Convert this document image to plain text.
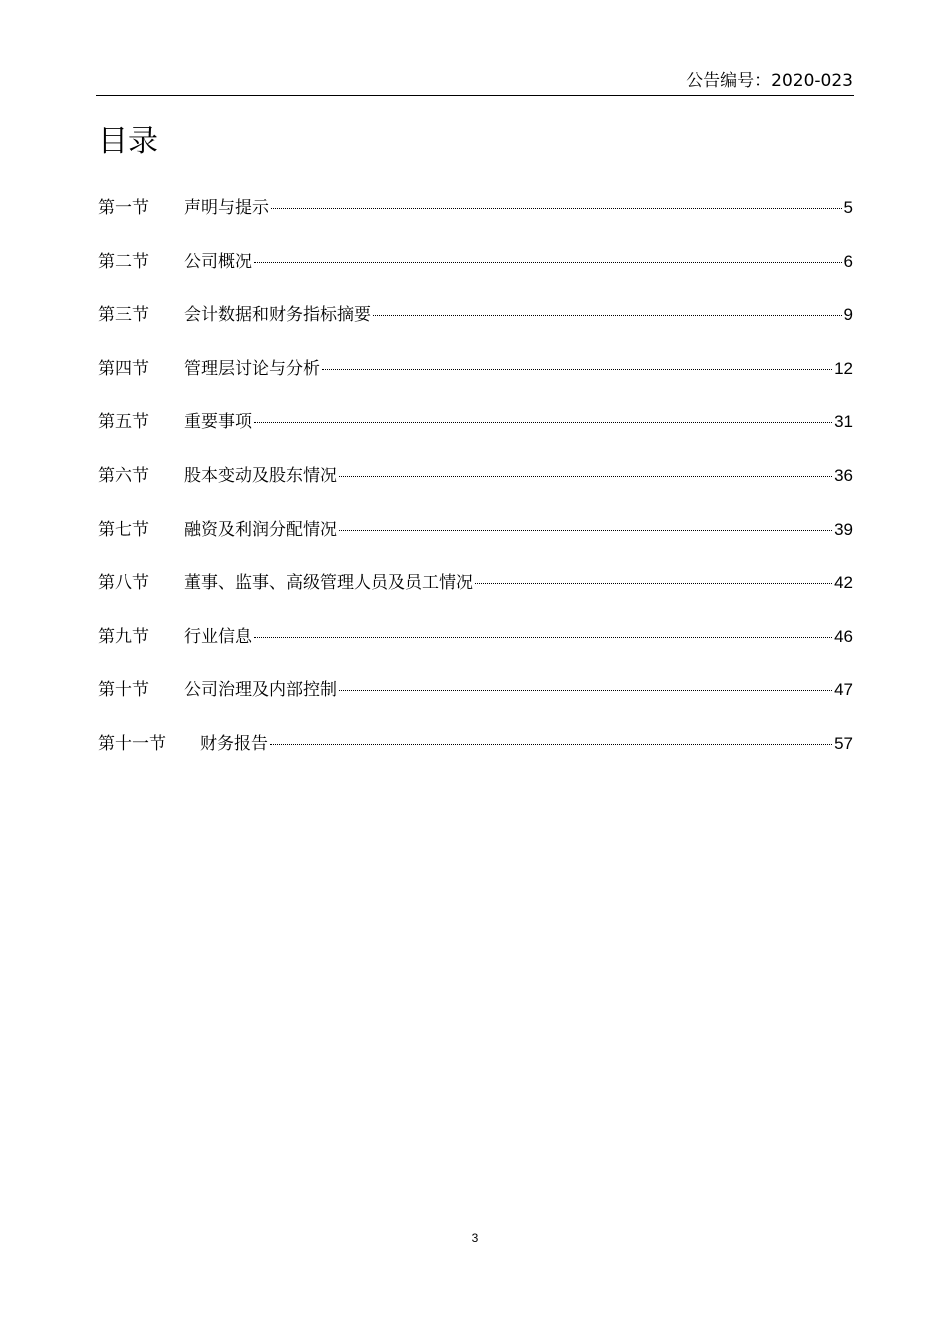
公告编号：2020-023
目录
第一节	声明与提示	5
第二节	公司概况	6
第三节	会计数据和财务指标摘要	9
第四节	管理层讨论与分析	12
第五节	重要事项	31
第六节	股本变动及股东情况	36
第七节	融资及利润分配情况	39
第八节	董事、监事、高级管理人员及员工情况	42
第九节	行业信息	46
第十节	公司治理及内部控制	47
第十一节	财务报告	57
3
